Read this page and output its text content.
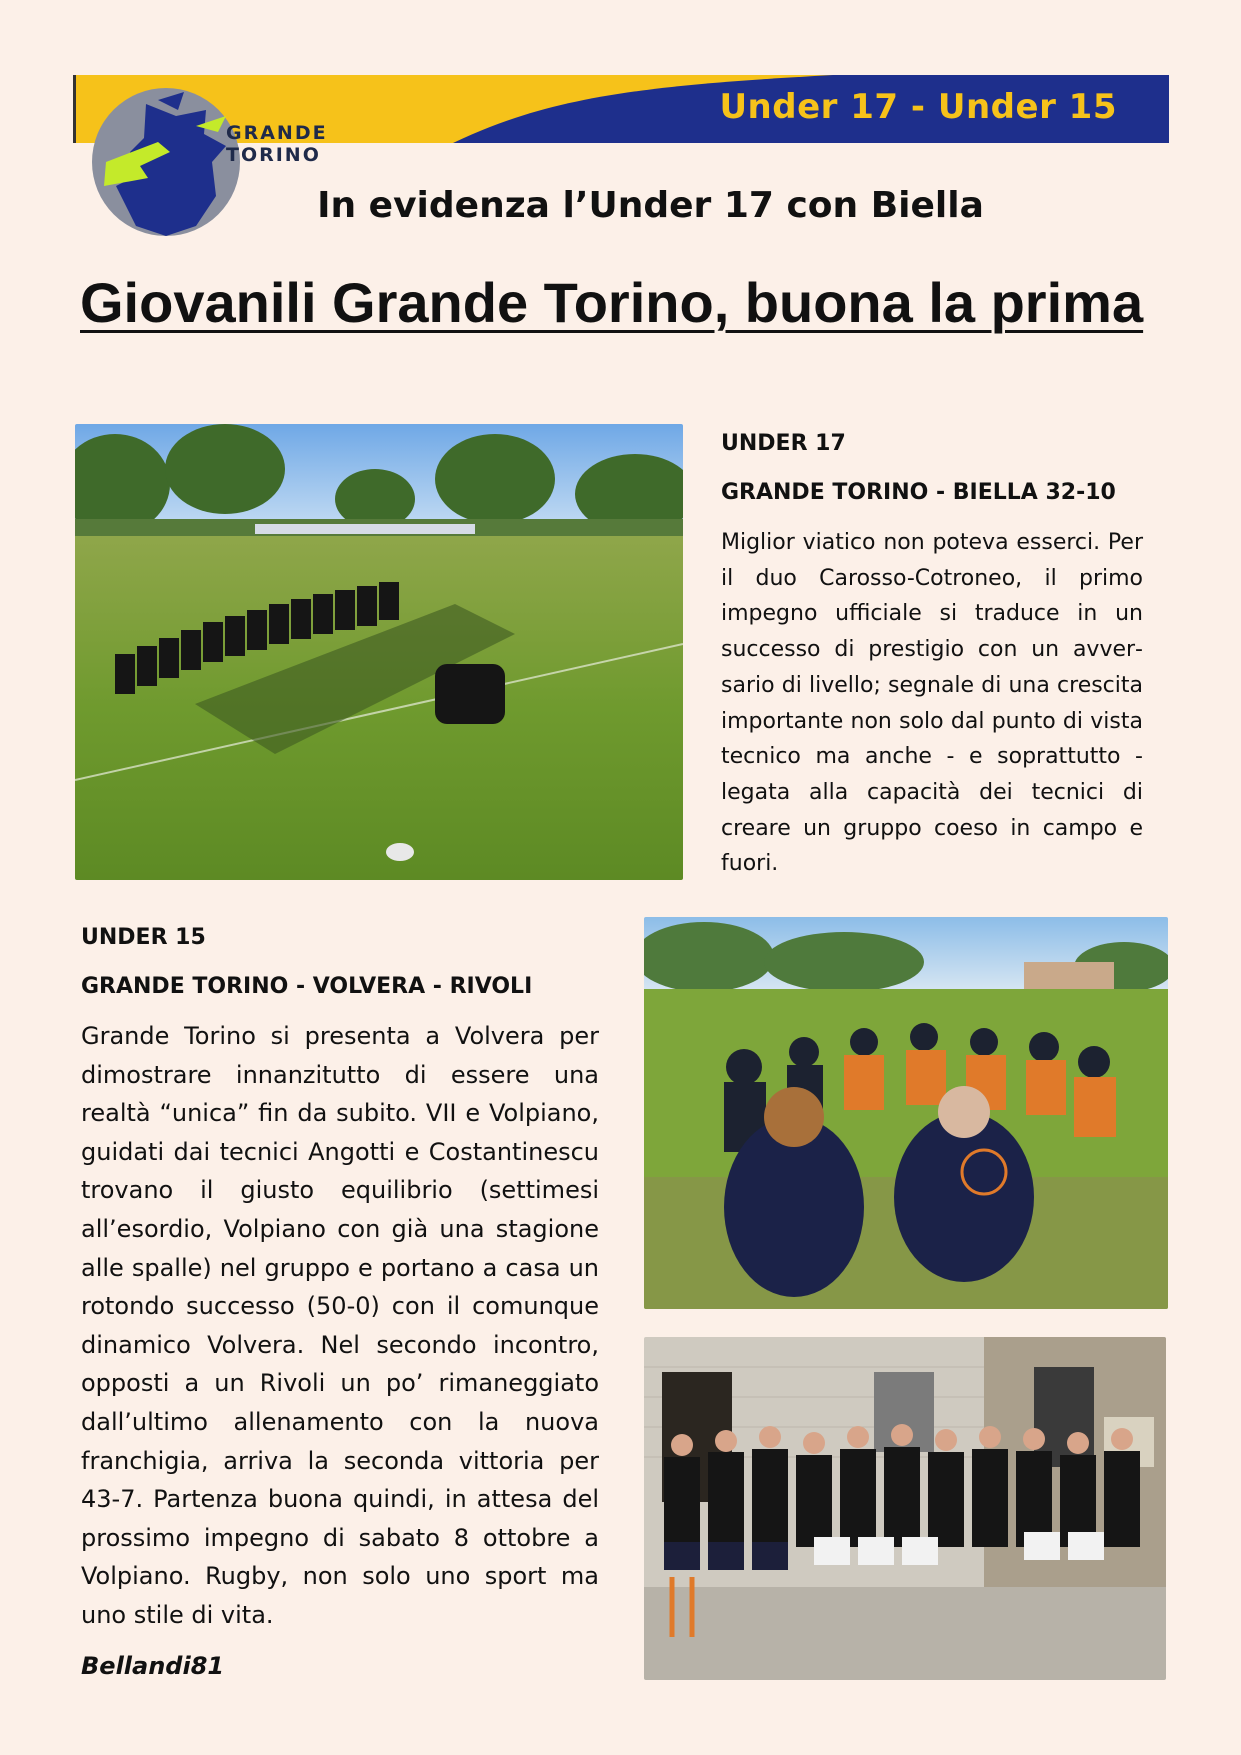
Under 17 - Under 15
GRANDE
TORINO
In evidenza l’Under 17 con Biella
Giovanili Grande Torino, buona la prima
UNDER 17
GRANDE TORINO - BIELLA 32-10
Miglior viatico non poteva esserci. Per il duo Carosso-Cotroneo, il primo impegno ufficiale si traduce in un successo di prestigio con un avversario di livello; segnale di una crescita importante non solo dal punto di vista tecnico ma anche - e soprattutto - legata alla capacità dei tecnici di creare un gruppo coeso in campo e fuori.
UNDER 15
GRANDE TORINO - VOLVERA - RIVOLI
Grande Torino si presenta a Volvera per dimostrare innanzitutto di essere una realtà “unica” fin da subito. VII e Volpiano, guidati dai tecnici Angotti e Costantinescu trovano il giusto equilibrio (settimesi all’esordio, Volpiano con già una stagione alle spalle) nel gruppo e portano a casa un rotondo successo (50-0) con il comunque dinamico Volvera. Nel secondo incontro, opposti a un Rivoli un po’ rimaneggiato dall’ultimo allenamento con la nuova franchigia, arriva la seconda vittoria per 43-7. Partenza buona quindi, in attesa del prossimo impegno di sabato 8 ottobre a Volpiano. Rugby, non solo uno sport ma uno stile di vita.
Bellandi81
